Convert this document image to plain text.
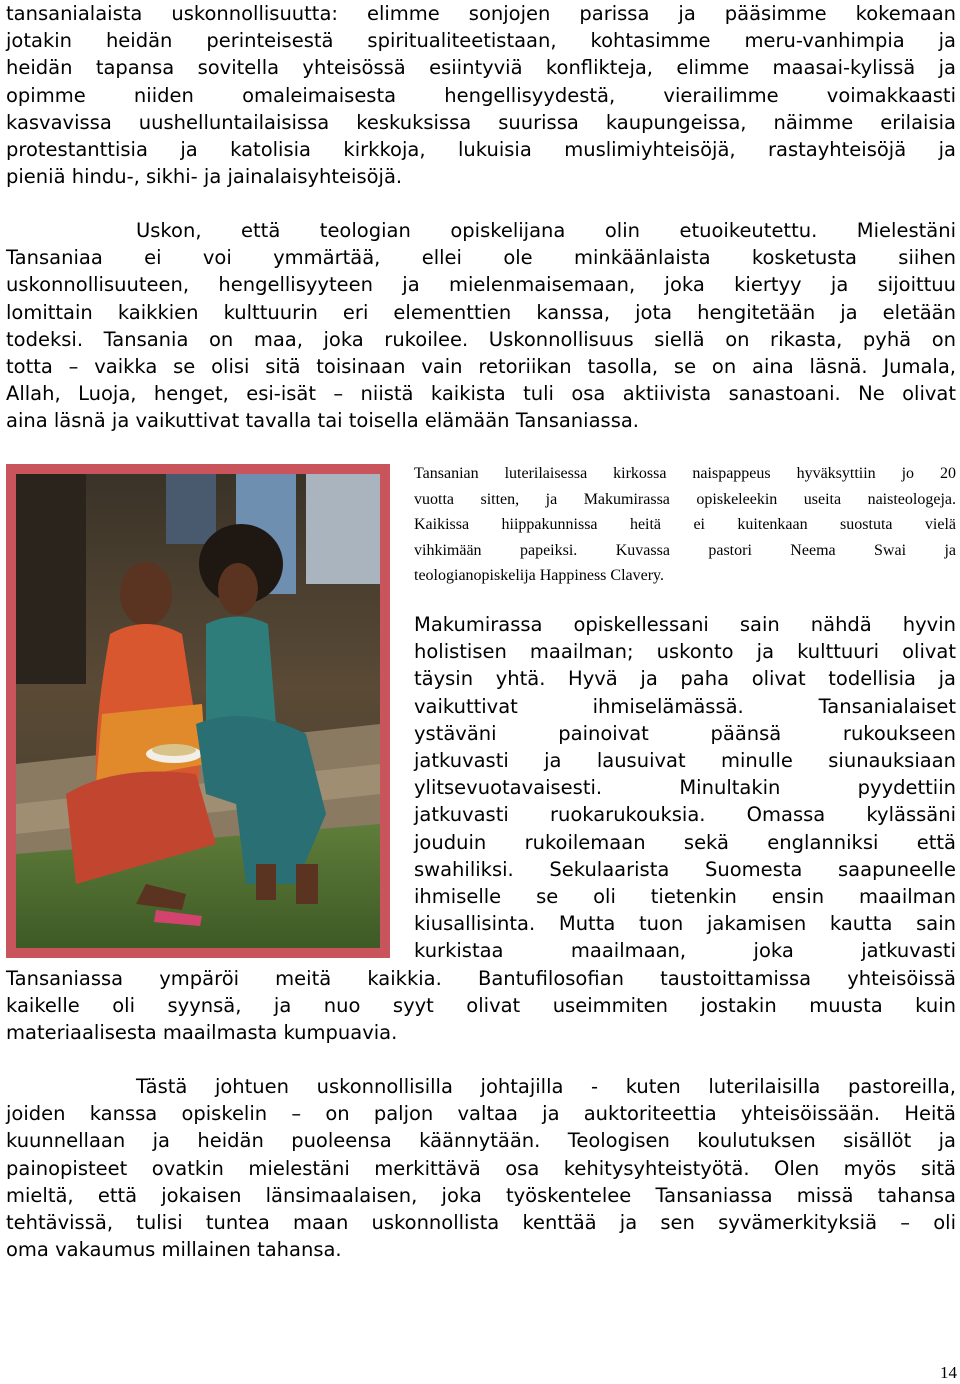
tansanialaista uskonnollisuutta: elimme sonjojen parissa ja pääsimme kokemaan
jotakin heidän perinteisestä spiritualiteetistaan, kohtasimme meru-vanhimpia ja
heidän tapansa sovitella yhteisössä esiintyviä konflikteja, elimme maasai-kylissä ja
opimme niiden omaleimaisesta hengellisyydestä, vierailimme voimakkaasti
kasvavissa uushelluntailaisissa keskuksissa suurissa kaupungeissa, näimme erilaisia
protestanttisia ja katolisia kirkkoja, lukuisia muslimiyhteisöjä, rastayhteisöjä ja
pieniä hindu-, sikhi- ja jainalaisyhteisöjä.
Uskon, että teologian opiskelijana olin etuoikeutettu. Mielestäni
Tansaniaa ei voi ymmärtää, ellei ole minkäänlaista kosketusta siihen
uskonnollisuuteen, hengellisyyteen ja mielenmaisemaan, joka kiertyy ja sijoittuu
lomittain kaikkien kulttuurin eri elementtien kanssa, jota hengitetään ja eletään
todeksi. Tansania on maa, joka rukoilee. Uskonnollisuus siellä on rikasta, pyhä on
totta – vaikka se olisi sitä toisinaan vain retoriikan tasolla, se on aina läsnä. Jumala,
Allah, Luoja, henget, esi-isät – niistä kaikista tuli osa aktiivista sanastoani. Ne olivat
aina läsnä ja vaikuttivat tavalla tai toisella elämään Tansaniassa.
Tansanian luterilaisessa kirkossa naispappeus hyväksyttiin jo 20
vuotta sitten, ja Makumirassa opiskeleekin useita naisteologeja.
Kaikissa hiippakunnissa heitä ei kuitenkaan suostuta vielä
vihkimään papeiksi. Kuvassa pastori Neema Swai ja
teologianopiskelija Happiness Clavery.
Makumirassa opiskellessani sain nähdä hyvin
holistisen maailman; uskonto ja kulttuuri olivat
täysin yhtä. Hyvä ja paha olivat todellisia ja
vaikuttivat ihmiselämässä. Tansanialaiset
ystäväni painoivat päänsä rukoukseen
jatkuvasti ja lausuivat minulle siunauksiaan
ylitsevuotavaisesti. Minultakin pyydettiin
jatkuvasti ruokarukouksia. Omassa kylässäni
jouduin rukoilemaan sekä englanniksi että
swahiliksi. Sekulaarista Suomesta saapuneelle
ihmiselle se oli tietenkin ensin maailman
kiusallisinta. Mutta tuon jakamisen kautta sain
kurkistaa maailmaan, joka jatkuvasti
Tansaniassa ympäröi meitä kaikkia. Bantufilosofian taustoittamissa yhteisöissä
kaikelle oli syynsä, ja nuo syyt olivat useimmiten jostakin muusta kuin
materiaalisesta maailmasta kumpuavia.
Tästä johtuen uskonnollisilla johtajilla - kuten luterilaisilla pastoreilla,
joiden kanssa opiskelin – on paljon valtaa ja auktoriteettia yhteisöissään. Heitä
kuunnellaan ja heidän puoleensa käännytään. Teologisen koulutuksen sisällöt ja
painopisteet ovatkin mielestäni merkittävä osa kehitysyhteistyötä. Olen myös sitä
mieltä, että jokaisen länsimaalaisen, joka työskentelee Tansaniassa missä tahansa
tehtävissä, tulisi tuntea maan uskonnollista kenttää ja sen syvämerkityksiä – oli
oma vakaumus millainen tahansa.
14
